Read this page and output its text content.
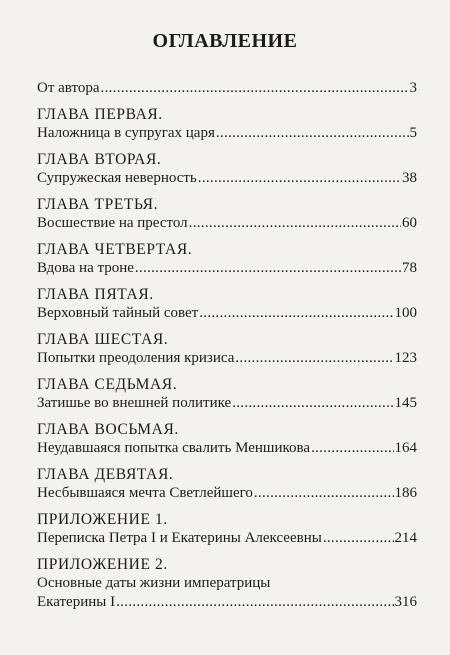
ОГЛАВЛЕНИЕ
От автора .....	3
ГЛАВА ПЕРВАЯ.
Наложница в супругах царя .....	5
ГЛАВА ВТОРАЯ.
Супружеская неверность .....	38
ГЛАВА ТРЕТЬЯ.
Восшествие на престол .....	60
ГЛАВА ЧЕТВЕРТАЯ.
Вдова на троне .....	78
ГЛАВА ПЯТАЯ.
Верховный тайный совет .....	100
ГЛАВА ШЕСТАЯ.
Попытки преодоления кризиса .....	123
ГЛАВА СЕДЬМАЯ.
Затишье во внешней политике .....	145
ГЛАВА ВОСЬМАЯ.
Неудавшаяся попытка свалить Меншикова .....	164
ГЛАВА ДЕВЯТАЯ.
Несбывшаяся мечта Светлейшего .....	186
ПРИЛОЖЕНИЕ 1.
Переписка Петра I и Екатерины Алексеевны .....	214
ПРИЛОЖЕНИЕ 2.
Основные даты жизни императрицы
Екатерины I .....	316
